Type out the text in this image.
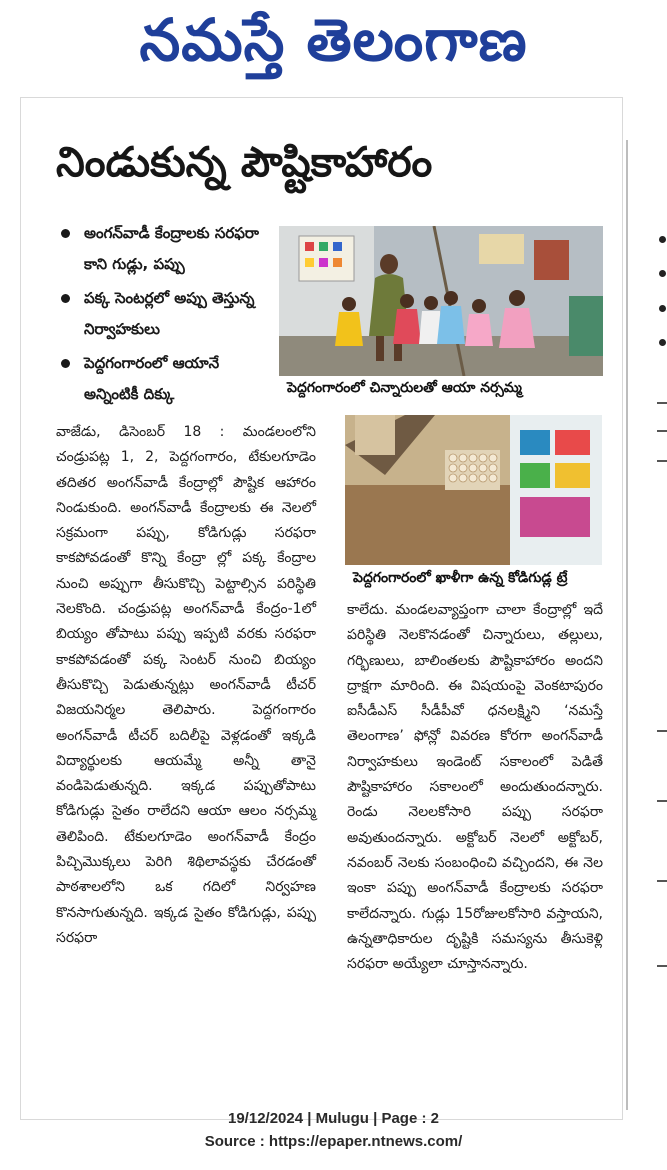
నమస్తే తెలంగాణ
నిండుకున్న పౌష్టికాహారం
అంగన్‌వాడీ కేంద్రాలకు సరఫరా కాని గుడ్లు, పప్పు
పక్క సెంటర్లలో అప్పు తెస్తున్న నిర్వాహకులు
పెద్దగంగారంలో ఆయానే అన్నింటికీ దిక్కు	పెద్దగంగారంలో చిన్నారులతో ఆయా నర్సమ్మ
పెద్దగంగారంలో ఖాళీగా ఉన్న కోడిగుడ్ల ట్రే

వాజేడు, డిసెంబర్ 18 : మండలంలోని చండ్రుపట్ల 1, 2, పెద్దగంగారం, టేకులగూడెం తదితర అంగన్‌వాడీ కేంద్రాల్లో పౌష్టిక ఆహారం నిండుకుంది. అంగన్‌వాడీ కేంద్రాలకు ఈ నెలలో సక్రమంగా పప్పు, కోడిగుడ్లు సరఫరా కాకపోవడంతో కొన్ని కేంద్రా ల్లో పక్క కేంద్రాల నుంచి అప్పుగా తీసుకొచ్చి పెట్టాల్సిన పరిస్థితి నెలకొంది. చండ్రుపట్ల అంగన్‌వాడీ కేంద్రం-1లో బియ్యం తోపాటు పప్పు ఇప్పటి వరకు సరఫరా కాకపోవడంతో పక్క సెంటర్ నుంచి బియ్యం తీసుకొచ్చి పెడుతున్నట్లు అంగన్‌వాడీ టీచర్ విజయనిర్మల తెలిపారు. పెద్దగంగారం అంగన్‌వాడీ టీచర్ బదిలీపై వెళ్లడంతో ఇక్కడి విద్యార్థులకు ఆయమ్మే అన్నీ తానై వండిపెడుతున్నది. ఇక్కడ పప్పుతోపాటు కోడిగుడ్లు సైతం రాలేదని ఆయా ఆలం నర్సమ్మ తెలిపింది. టేకులగూడెం అంగన్‌వాడీ కేంద్రం పిచ్చిమొక్కలు పెరిగి శిథిలావస్థకు చేరడంతో పాఠశాలలోని ఒక గదిలో నిర్వహణ కొనసాగుతున్నది. ఇక్కడ సైతం కోడిగుడ్లు, పప్పు సరఫరా

కాలేదు. మండలవ్యాప్తంగా చాలా కేంద్రాల్లో ఇదే పరిస్థితి నెలకొనడంతో చిన్నారులు, తల్లులు, గర్భిణులు, బాలింతలకు పౌష్టికాహారం అందని ద్రాక్షగా మారింది. ఈ విషయంపై వెంకటాపురం ఐసీడీఎస్ సీడీపీవో ధనలక్ష్మిని ‘నమస్తే తెలంగాణ’ ఫోన్లో వివరణ కోరగా అంగన్‌వాడీ నిర్వాహకులు ఇండెంట్ సకాలంలో పెడితే పౌష్టికాహారం సకాలంలో అందుతుందన్నారు. రెండు నెలలకోసారి పప్పు సరఫరా అవుతుందన్నారు. అక్టోబర్ నెలలో అక్టోబర్, నవంబర్ నెలకు సంబంధించి వచ్చిందని, ఈ నెల ఇంకా పప్పు అంగన్‌వాడీ కేంద్రాలకు సరఫరా కాలేదన్నారు. గుడ్లు 15రోజులకోసారి వస్తాయని, ఉన్నతాధికారుల దృష్టికి సమస్యను తీసుకెళ్లి సరఫరా అయ్యేలా చూస్తానన్నారు.

19/12/2024 | Mulugu | Page : 2
Source : https://epaper.ntnews.com/
